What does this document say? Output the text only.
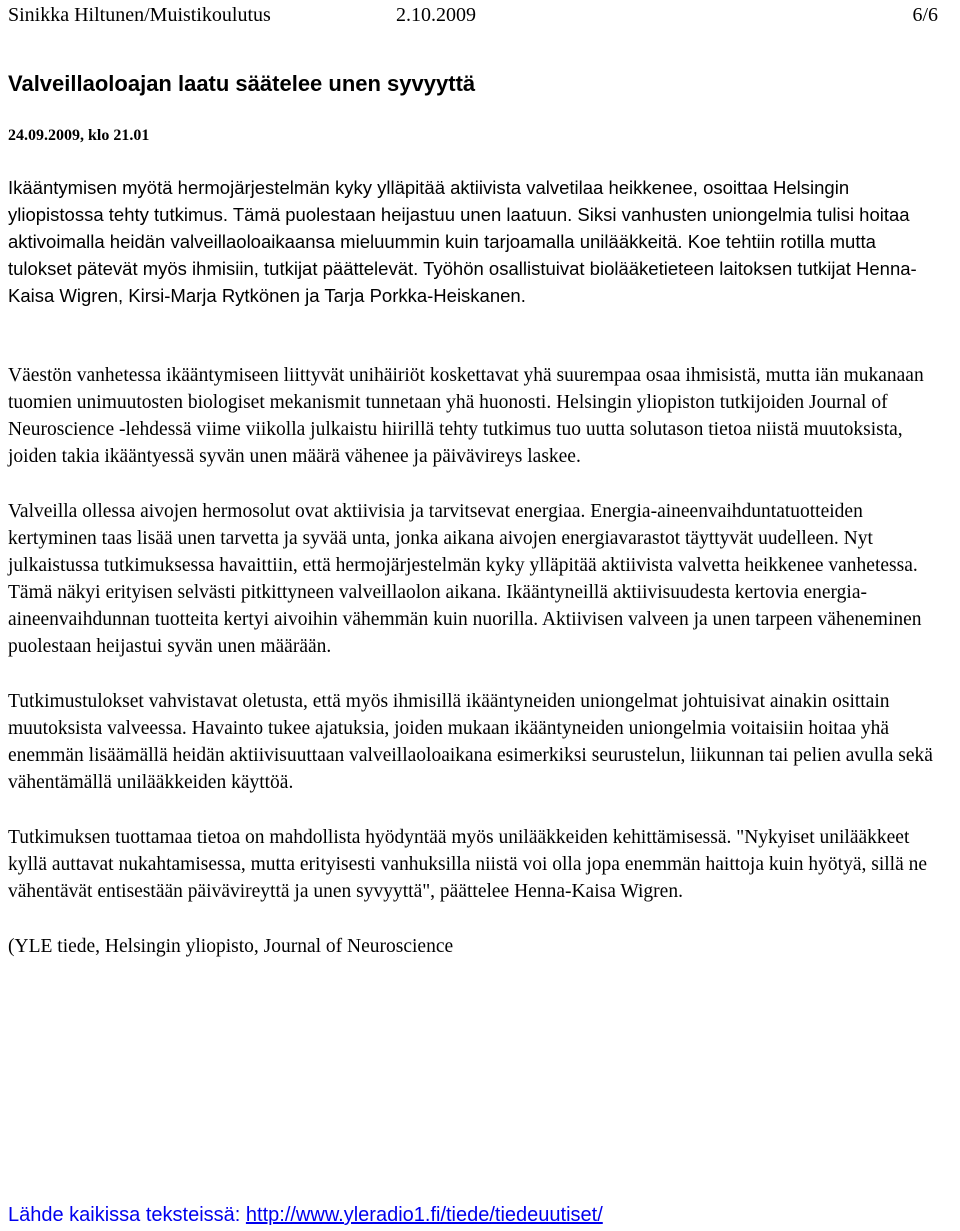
Sinikka Hiltunen/Muistikoulutus	2.10.2009	6/6
Valveillaoloajan laatu säätelee unen syvyyttä
24.09.2009, klo 21.01

Ikääntymisen myötä hermojärjestelmän kyky ylläpitää aktiivista valvetilaa heikkenee, osoittaa Helsingin yliopistossa tehty tutkimus. Tämä puolestaan heijastuu unen laatuun. Siksi vanhusten uniongelmia tulisi hoitaa aktivoimalla heidän valveillaoloaikaansa mieluummin kuin tarjoamalla unilääkkeitä. Koe tehtiin rotilla mutta tulokset pätevät myös ihmisiin, tutkijat päättelevät. Työhön osallistuivat biolääketieteen laitoksen tutkijat Henna-Kaisa Wigren, Kirsi-Marja Rytkönen ja Tarja Porkka-Heiskanen.

Väestön vanhetessa ikääntymiseen liittyvät unihäiriöt koskettavat yhä suurempaa osaa ihmisistä, mutta iän mukanaan tuomien unimuutosten biologiset mekanismit tunnetaan yhä huonosti. Helsingin yliopiston tutkijoiden Journal of Neuroscience -lehdessä viime viikolla julkaistu hiirillä tehty tutkimus tuo uutta solutason tietoa niistä muutoksista, joiden takia ikääntyessä syvän unen määrä vähenee ja päivävireys laskee.

Valveilla ollessa aivojen hermosolut ovat aktiivisia ja tarvitsevat energiaa. Energia-aineenvaihduntatuotteiden kertyminen taas lisää unen tarvetta ja syvää unta, jonka aikana aivojen energiavarastot täyttyvät uudelleen. Nyt julkaistussa tutkimuksessa havaittiin, että hermojärjestelmän kyky ylläpitää aktiivista valvetta heikkenee vanhetessa. Tämä näkyi erityisen selvästi pitkittyneen valveillaolon aikana. Ikääntyneillä aktiivisuudesta kertovia energia-aineenvaihdunnan tuotteita kertyi aivoihin vähemmän kuin nuorilla. Aktiivisen valveen ja unen tarpeen väheneminen puolestaan heijastui syvän unen määrään.

Tutkimustulokset vahvistavat oletusta, että myös ihmisillä ikääntyneiden uniongelmat johtuisivat ainakin osittain muutoksista valveessa. Havainto tukee ajatuksia, joiden mukaan ikääntyneiden uniongelmia voitaisiin hoitaa yhä enemmän lisäämällä heidän aktiivisuuttaan valveillaoloaikana esimerkiksi seurustelun, liikunnan tai pelien avulla sekä vähentämällä unilääkkeiden käyttöä.

Tutkimuksen tuottamaa tietoa on mahdollista hyödyntää myös unilääkkeiden kehittämisessä. "Nykyiset unilääkkeet kyllä auttavat nukahtamisessa, mutta erityisesti vanhuksilla niistä voi olla jopa enemmän haittoja kuin hyötyä, sillä ne vähentävät entisestään päivävireyttä ja unen syvyyttä", päättelee Henna-Kaisa Wigren.

(YLE tiede, Helsingin yliopisto, Journal of Neuroscience

Lähde kaikissa teksteissä: http://www.yleradio1.fi/tiede/tiedeuutiset/
